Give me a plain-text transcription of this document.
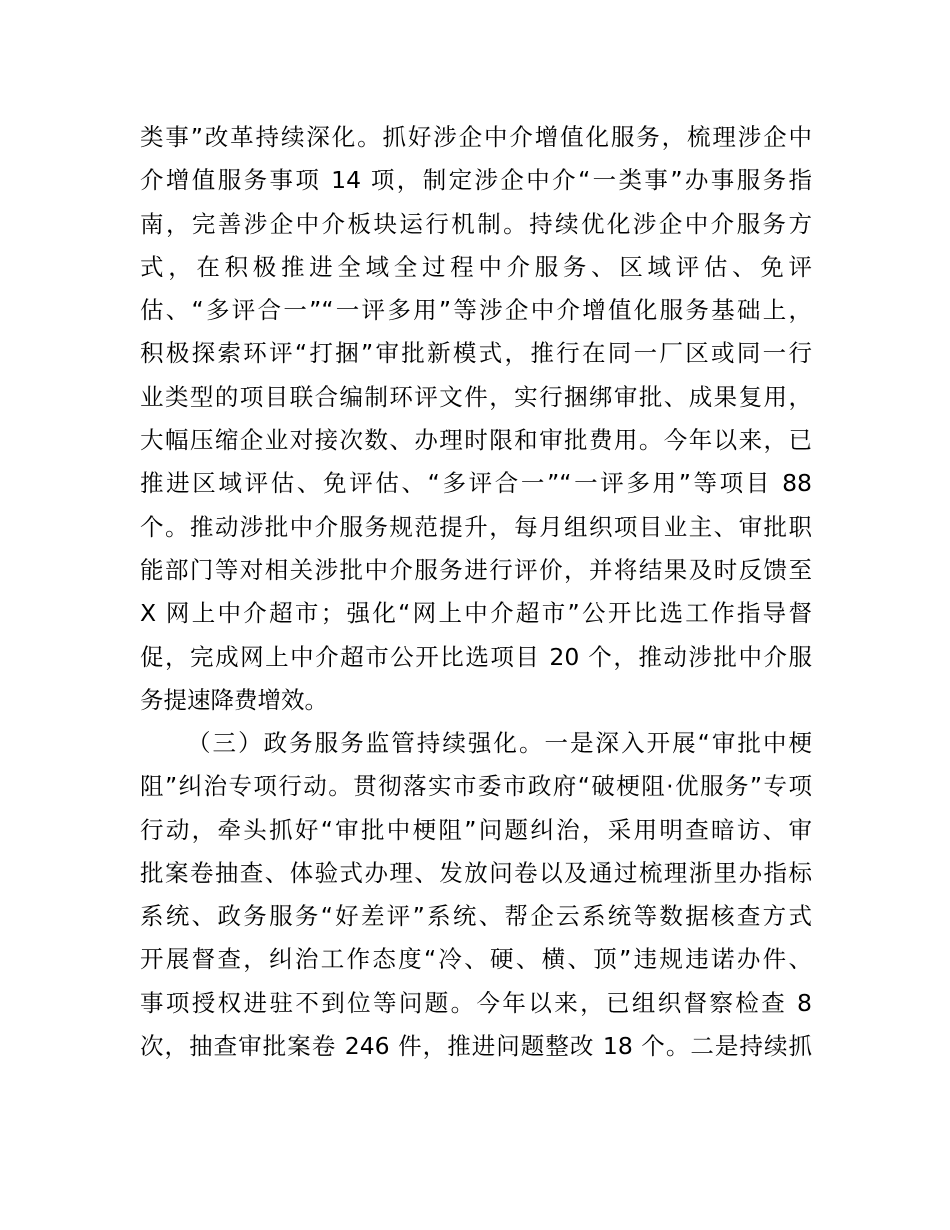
类事”改革持续深化。抓好涉企中介增值化服务，梳理涉企中
介增值服务事项 14 项，制定涉企中介“一类事”办事服务指
南，完善涉企中介板块运行机制。持续优化涉企中介服务方
式，在积极推进全域全过程中介服务、区域评估、免评
估、“多评合一”“一评多用”等涉企中介增值化服务基础上，
积极探索环评“打捆”审批新模式，推行在同一厂区或同一行
业类型的项目联合编制环评文件，实行捆绑审批、成果复用，
大幅压缩企业对接次数、办理时限和审批费用。今年以来，已
推进区域评估、免评估、“多评合一”“一评多用”等项目 88
个。推动涉批中介服务规范提升，每月组织项目业主、审批职
能部门等对相关涉批中介服务进行评价，并将结果及时反馈至
X 网上中介超市；强化“网上中介超市”公开比选工作指导督
促，完成网上中介超市公开比选项目 20 个，推动涉批中介服
务提速降费增效。
（三）政务服务监管持续强化。一是深入开展“审批中梗
阻”纠治专项行动。贯彻落实市委市政府“破梗阻·优服务”专项
行动，牵头抓好“审批中梗阻”问题纠治，采用明查暗访、审
批案卷抽查、体验式办理、发放问卷以及通过梳理浙里办指标
系统、政务服务“好差评”系统、帮企云系统等数据核查方式
开展督查，纠治工作态度“冷、硬、横、顶”违规违诺办件、
事项授权进驻不到位等问题。今年以来，已组织督察检查 8
次，抽查审批案卷 246 件，推进问题整改 18 个。二是持续抓
